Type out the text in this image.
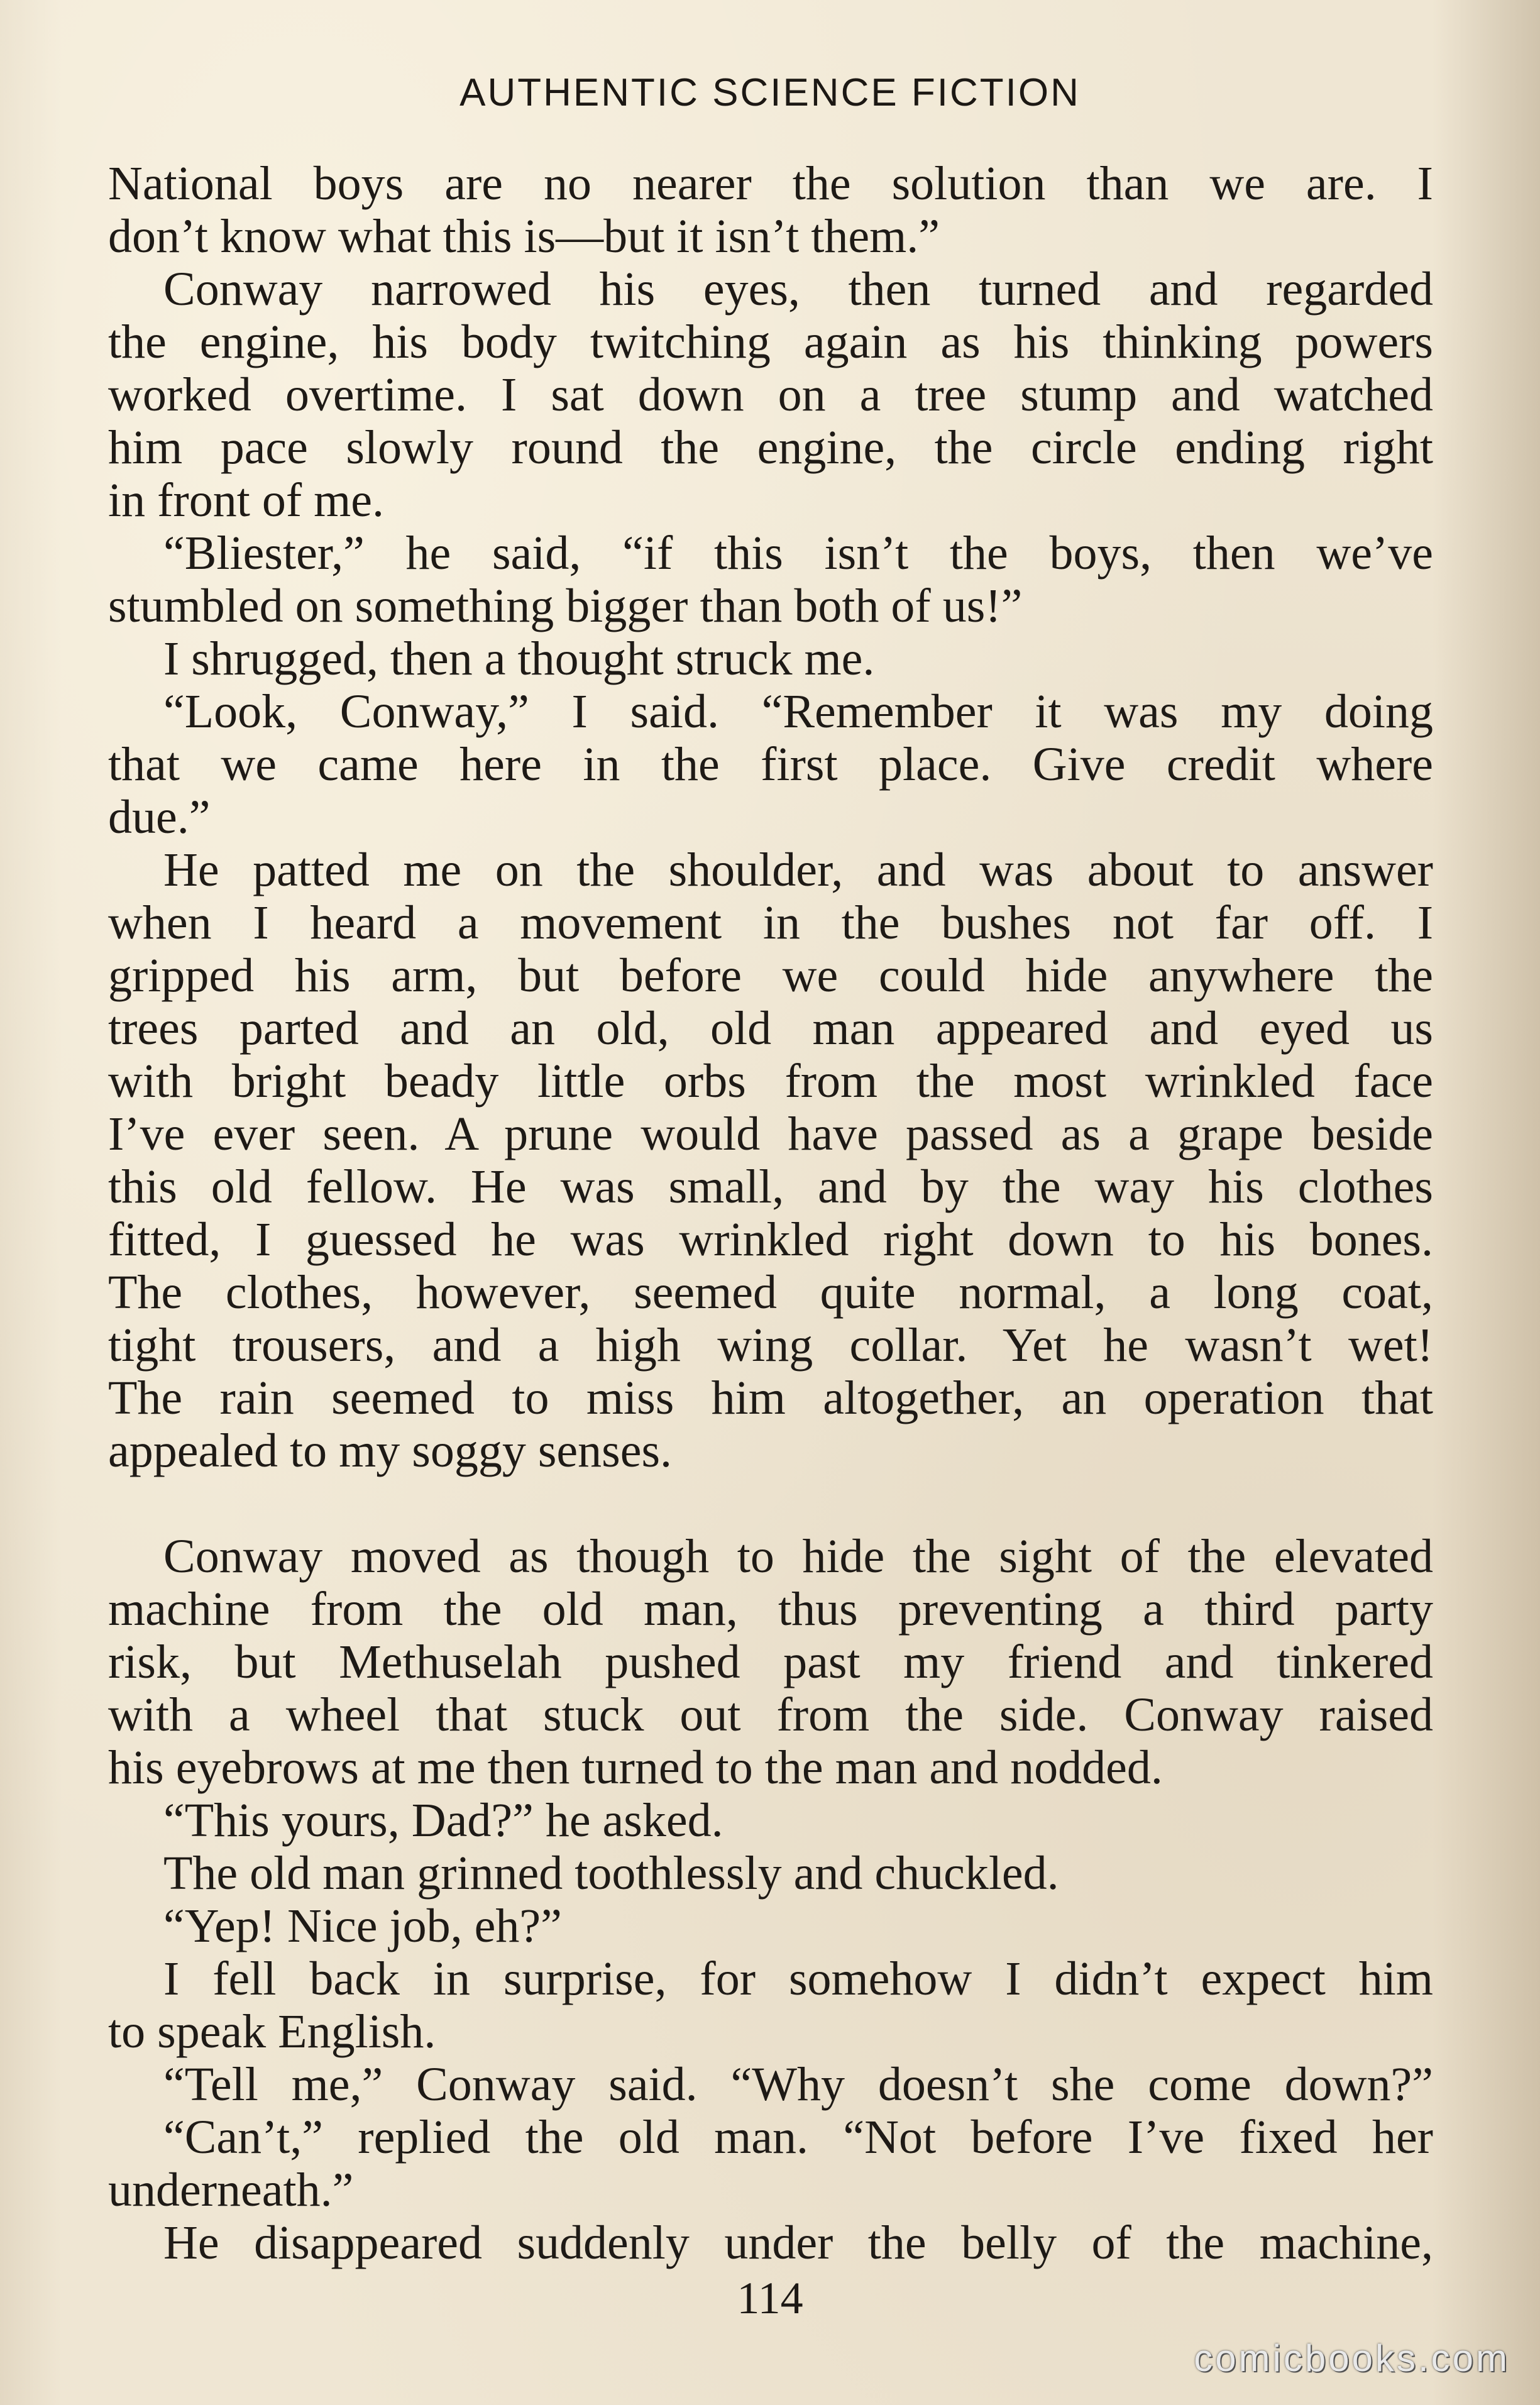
AUTHENTIC SCIENCE FICTION
National boys are no nearer the solution than we are. I
don’t know what this is—but it isn’t them.”
Conway narrowed his eyes, then turned and regarded
the engine, his body twitching again as his thinking powers
worked overtime. I sat down on a tree stump and watched
him pace slowly round the engine, the circle ending right
in front of me.
“Bliester,” he said, “if this isn’t the boys, then we’ve
stumbled on something bigger than both of us!”
I shrugged, then a thought struck me.
“Look, Conway,” I said. “Remember it was my doing
that we came here in the first place. Give credit where
due.”
He patted me on the shoulder, and was about to answer
when I heard a movement in the bushes not far off. I
gripped his arm, but before we could hide anywhere the
trees parted and an old, old man appeared and eyed us
with bright beady little orbs from the most wrinkled face
I’ve ever seen. A prune would have passed as a grape beside
this old fellow. He was small, and by the way his clothes
fitted, I guessed he was wrinkled right down to his bones.
The clothes, however, seemed quite normal, a long coat,
tight trousers, and a high wing collar. Yet he wasn’t wet!
The rain seemed to miss him altogether, an operation that
appealed to my soggy senses.
Conway moved as though to hide the sight of the elevated
machine from the old man, thus preventing a third party
risk, but Methuselah pushed past my friend and tinkered
with a wheel that stuck out from the side. Conway raised
his eyebrows at me then turned to the man and nodded.
“This yours, Dad?” he asked.
The old man grinned toothlessly and chuckled.
“Yep! Nice job, eh?”
I fell back in surprise, for somehow I didn’t expect him
to speak English.
“Tell me,” Conway said. “Why doesn’t she come down?”
“Can’t,” replied the old man. “Not before I’ve fixed her
underneath.”
He disappeared suddenly under the belly of the machine,
114
comicbooks.com
